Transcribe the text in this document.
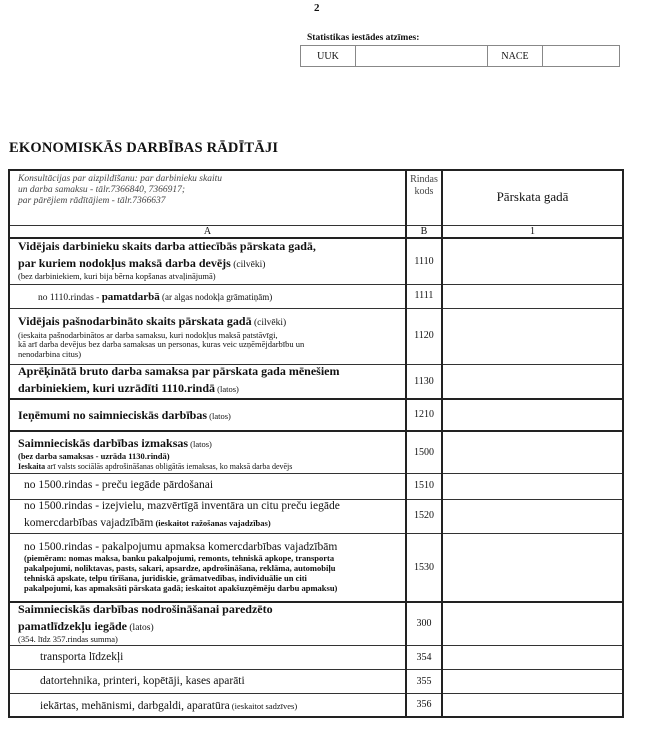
2
Statistikas iestādes atzīmes:
UUK		NACE	
EKONOMISKĀS DARBĪBAS RĀDĪTĀJI
Konsultācijas par aizpildīšanu: par darbinieku skaitu
un darba samaksu - tālr.7366840, 7366917;
par pārējiem rādītājiem - tālr.7366637

Rindas
kods	Pārskata gadā
A	B	1

Vidējais darbinieku skaits darba attiecībās pārskata gadā,
par kuriem nodokļus maksā darba devējs (cilvēki)
(bez darbiniekiem, kuri bija bērna kopšanas atvaļinājumā)	1110	
no 1110.rindas - pamatdarbā (ar algas nodokļa grāmatiņām)	1111	

Vidējais pašnodarbināto skaits pārskata gadā (cilvēki)
(ieskaita pašnodarbinātos ar darba samaksu, kuri nodokļus maksā patstāvīgi,
kā arī darba devējus bez darba samaksas un personas, kuras veic uzņēmējdarbību un
nenodarbina citus)	1120	

Aprēķinātā bruto darba samaksa par pārskata gada mēnešiem
darbiniekiem, kuri uzrādīti 1110.rindā (latos)	1130	
Ieņēmumi no saimnieciskās darbības (latos)	1210	

Saimnieciskās darbības izmaksas (latos)
(bez darba samaksas - uzrāda 1130.rindā)
Ieskaita arī valsts sociālās apdrošināšanas obligātās iemaksas, ko maksā darba devējs	1500	
no 1500.rindas - preču iegāde pārdošanai	1510	

no 1500.rindas - izejvielu, mazvērtīgā inventāra un citu preču iegāde
komercdarbības vajadzībām (ieskaitot ražošanas vajadzības)	1520	

no 1500.rindas - pakalpojumu apmaksa komercdarbības vajadzībām
(piemēram: nomas maksa, banku pakalpojumi, remonts, tehniskā apkope, transporta
pakalpojumi, noliktavas, pasts, sakari, apsardze, apdrošināšana, reklāma, automobiļu
tehniskā apskate, telpu tīrīšana, juridiskie, grāmatvedības, individuālie un citi
pakalpojumi, kas apmaksāti pārskata gadā; ieskaitot apakšuzņēmēju darbu apmaksu)	1530	

Saimnieciskās darbības nodrošināšanai paredzēto
pamatlīdzekļu iegāde (latos)
(354. līdz 357.rindas summa)	300	
transporta līdzekļi	354	
datortehnika, printeri, kopētāji, kases aparāti	355	
iekārtas, mehānismi, darbgaldi, aparatūra (ieskaitot sadzīves)	356	
